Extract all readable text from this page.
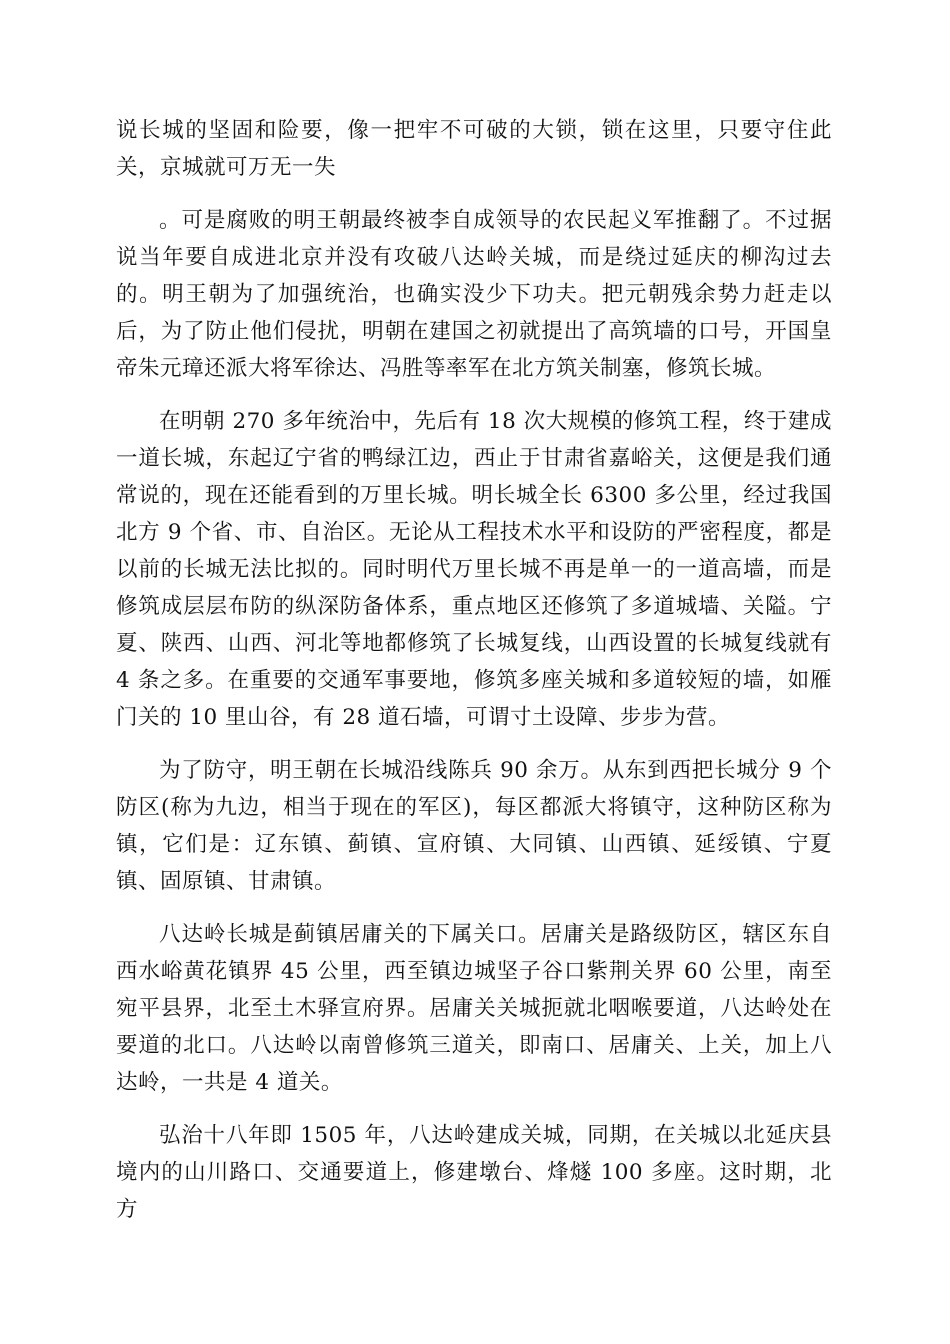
说长城的坚固和险要，像一把牢不可破的大锁，锁在这里，只要守住此关，京城就可万无一失

。可是腐败的明王朝最终被李自成领导的农民起义军推翻了。不过据说当年要自成进北京并没有攻破八达岭关城，而是绕过延庆的柳沟过去的。明王朝为了加强统治，也确实没少下功夫。把元朝残余势力赶走以后，为了防止他们侵扰，明朝在建国之初就提出了高筑墙的口号，开国皇帝朱元璋还派大将军徐达、冯胜等率军在北方筑关制塞，修筑长城。

在明朝 270 多年统治中，先后有 18 次大规模的修筑工程，终于建成一道长城，东起辽宁省的鸭绿江边，西止于甘肃省嘉峪关，这便是我们通常说的，现在还能看到的万里长城。明长城全长 6300 多公里，经过我国北方 9 个省、市、自治区。无论从工程技术水平和设防的严密程度，都是以前的长城无法比拟的。同时明代万里长城不再是单一的一道高墙，而是修筑成层层布防的纵深防备体系，重点地区还修筑了多道城墙、关隘。宁夏、陕西、山西、河北等地都修筑了长城复线，山西设置的长城复线就有 4 条之多。在重要的交通军事要地，修筑多座关城和多道较短的墙，如雁门关的 10 里山谷，有 28 道石墙，可谓寸土设障、步步为营。

为了防守，明王朝在长城沿线陈兵 90 余万。从东到西把长城分 9 个防区(称为九边，相当于现在的军区)，每区都派大将镇守，这种防区称为镇，它们是：辽东镇、蓟镇、宣府镇、大同镇、山西镇、延绥镇、宁夏镇、固原镇、甘肃镇。

八达岭长城是蓟镇居庸关的下属关口。居庸关是路级防区，辖区东自西水峪黄花镇界 45 公里，西至镇边城坚子谷口紫荆关界 60 公里，南至宛平县界，北至土木驿宣府界。居庸关关城扼就北咽喉要道，八达岭处在要道的北口。八达岭以南曾修筑三道关，即南口、居庸关、上关，加上八达岭，一共是 4 道关。

弘治十八年即 1505 年，八达岭建成关城，同期，在关城以北延庆县境内的山川路口、交通要道上，修建墩台、烽燧 100 多座。这时期，北方
